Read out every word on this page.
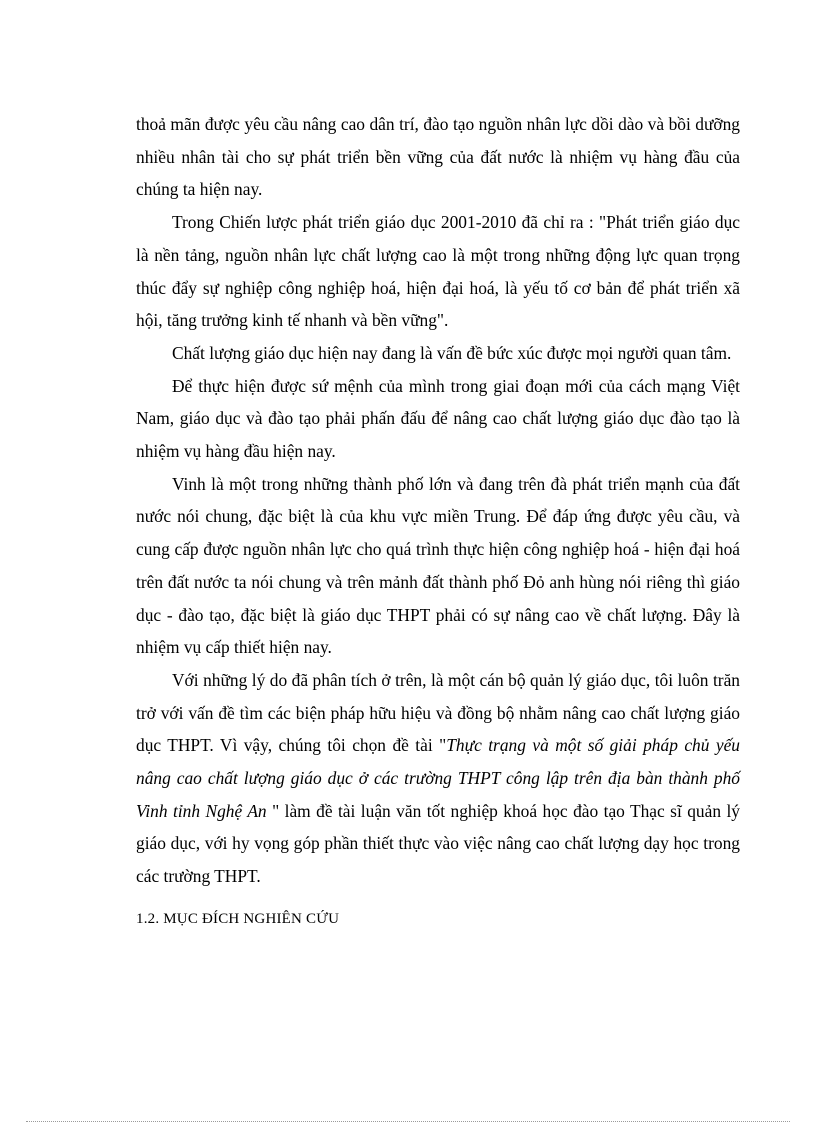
thoả mãn được yêu cầu nâng cao dân trí, đào tạo nguồn nhân lực dồi dào và bồi dưỡng nhiều nhân tài cho sự phát triển bền vững của đất nước là nhiệm vụ hàng đầu của chúng ta hiện nay.

Trong Chiến lược phát triển giáo dục 2001-2010 đã chỉ ra : "Phát triển giáo dục là nền tảng, nguồn nhân lực chất lượng cao là một trong những động lực quan trọng thúc đẩy sự nghiệp công nghiệp hoá, hiện đại hoá, là yếu tố cơ bản để phát triển xã hội, tăng trưởng kinh tế nhanh và bền vững".

Chất lượng giáo dục hiện nay đang là vấn đề bức xúc được mọi người quan tâm.

Để thực hiện được sứ mệnh của mình trong giai đoạn mới của cách mạng Việt Nam, giáo dục và đào tạo phải phấn đấu để nâng cao chất lượng giáo dục đào tạo là nhiệm vụ hàng đầu hiện nay.

Vinh là một trong những thành phố lớn và đang trên đà phát triển mạnh của đất nước nói chung, đặc biệt là của khu vực miền Trung. Để đáp ứng được yêu cầu, và cung cấp được nguồn nhân lực cho quá trình thực hiện công nghiệp hoá - hiện đại hoá trên đất nước ta nói chung và trên mảnh đất thành phố Đỏ anh hùng nói riêng thì giáo dục - đào tạo, đặc biệt là giáo dục THPT phải có sự nâng cao về chất lượng. Đây là nhiệm vụ cấp thiết hiện nay.

Với những lý do đã phân tích ở trên, là một cán bộ quản lý giáo dục, tôi luôn trăn trở với vấn đề tìm các biện pháp hữu hiệu và đồng bộ nhằm nâng cao chất lượng giáo dục THPT. Vì vậy, chúng tôi chọn đề tài "Thực trạng và một số giải pháp chủ yếu nâng cao chất lượng giáo dục ở các trường THPT công lập trên địa bàn thành phố Vinh tỉnh Nghệ An " làm đề tài luận văn tốt nghiệp khoá học đào tạo Thạc sĩ quản lý giáo dục, với hy vọng góp phần thiết thực vào việc nâng cao chất lượng dạy học trong các trường THPT.

1.2. MỤC ĐÍCH NGHIÊN CỨU
